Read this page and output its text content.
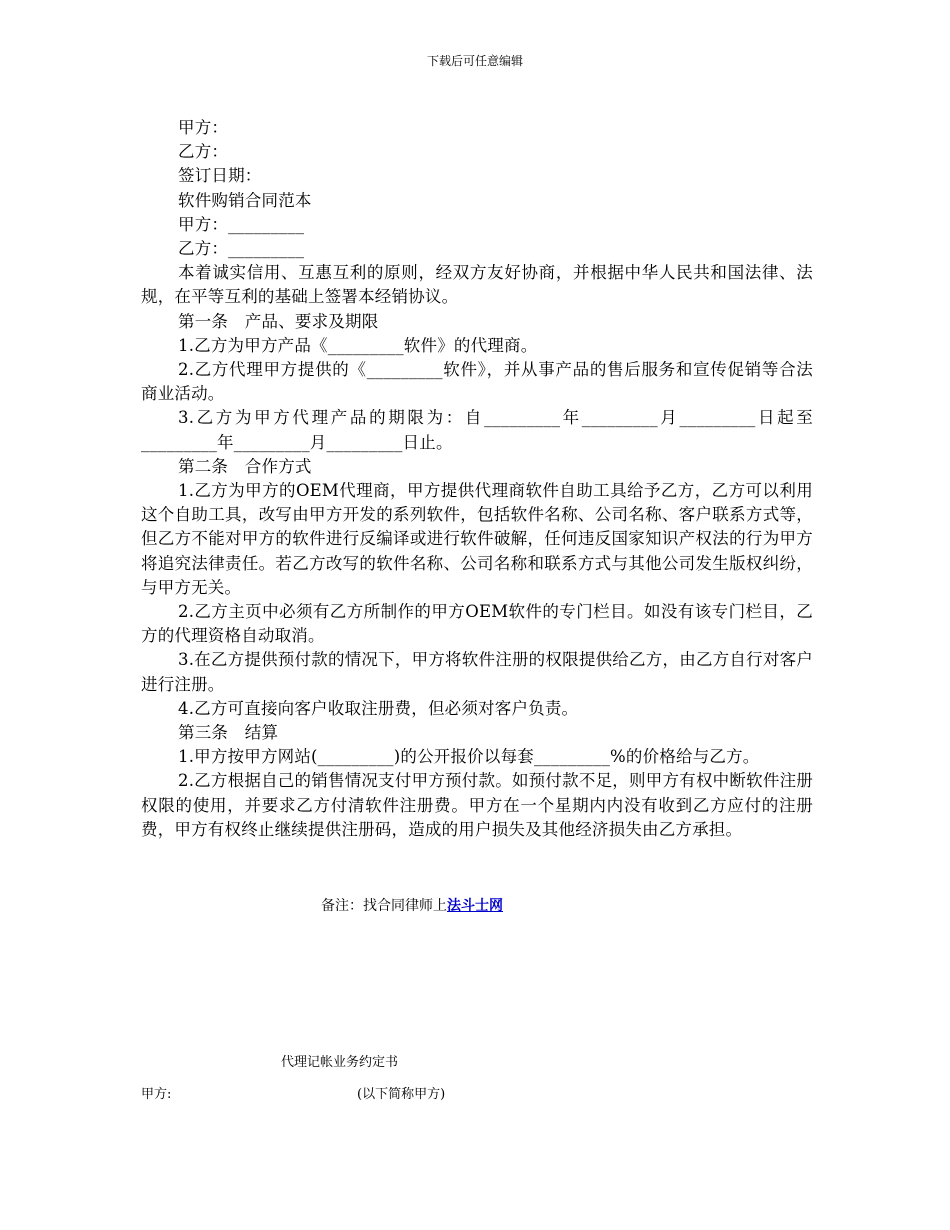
下载后可任意编辑

甲方：

乙方：

签订日期：

软件购销合同范本

甲方：_________

乙方：_________

本着诚实信用、互惠互利的原则，经双方友好协商，并根据中华人民共和国法律、法规，在平等互利的基础上签署本经销协议。

第一条　产品、要求及期限

1.乙方为甲方产品《_________软件》的代理商。

2.乙方代理甲方提供的《_________软件》，并从事产品的售后服务和宣传促销等合法商业活动。

3.乙方为甲方代理产品的期限为：自_________年_________月_________日起至_________年_________月_________日止。

第二条　合作方式

1.乙方为甲方的OEM代理商，甲方提供代理商软件自助工具给予乙方，乙方可以利用这个自助工具，改写由甲方开发的系列软件，包括软件名称、公司名称、客户联系方式等，但乙方不能对甲方的软件进行反编译或进行软件破解，任何违反国家知识产权法的行为甲方将追究法律责任。若乙方改写的软件名称、公司名称和联系方式与其他公司发生版权纠纷，与甲方无关。

2.乙方主页中必须有乙方所制作的甲方OEM软件的专门栏目。如没有该专门栏目，乙方的代理资格自动取消。

3.在乙方提供预付款的情况下，甲方将软件注册的权限提供给乙方，由乙方自行对客户进行注册。

4.乙方可直接向客户收取注册费，但必须对客户负责。

第三条　结算

1.甲方按甲方网站(_________)的公开报价以每套_________%的价格给与乙方。

2.乙方根据自己的销售情况支付甲方预付款。如预付款不足，则甲方有权中断软件注册权限的使用，并要求乙方付清软件注册费。甲方在一个星期内内没有收到乙方应付的注册费，甲方有权终止继续提供注册码，造成的用户损失及其他经济损失由乙方承担。

备注：找合同律师上法斗士网
代理记帐业务约定书
甲方:	(以下简称甲方)
